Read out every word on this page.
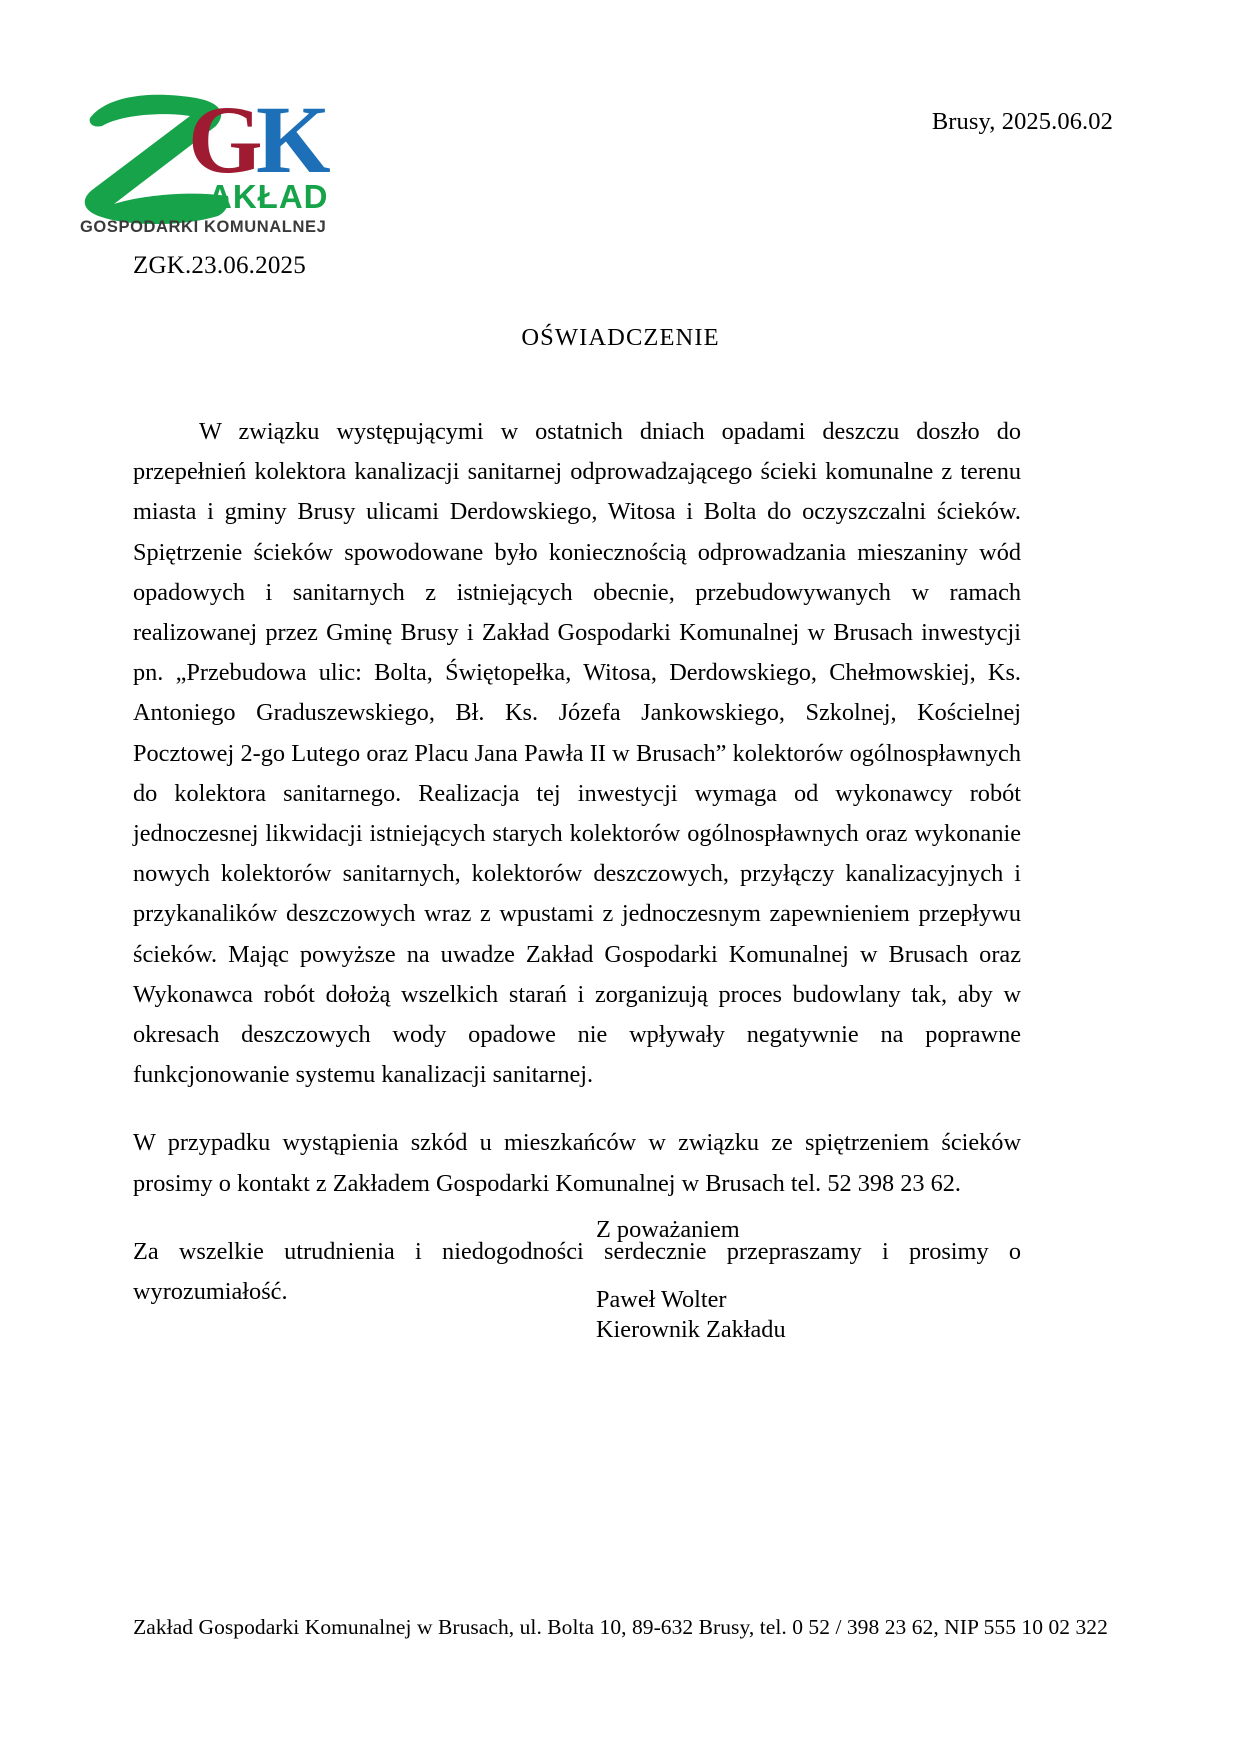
G
K
AKŁAD
GOSPODARKI KOMUNALNEJ
Brusy, 2025.06.02
ZGK.23.06.2025
OŚWIADCZENIE

W związku występującymi w ostatnich dniach opadami deszczu doszło do przepełnień kolektora kanalizacji sanitarnej odprowadzającego ścieki komunalne z terenu miasta i gminy Brusy ulicami Derdowskiego, Witosa i Bolta do oczyszczalni ścieków. Spiętrzenie ścieków spowodowane było koniecznością odprowadzania mieszaniny wód opadowych i sanitarnych z istniejących obecnie, przebudowywanych w ramach realizowanej przez Gminę Brusy i Zakład Gospodarki Komunalnej w Brusach inwestycji pn. „Przebudowa ulic: Bolta, Świętopełka, Witosa, Derdowskiego, Chełmowskiej, Ks. Antoniego Graduszewskiego, Bł. Ks. Józefa Jankowskiego, Szkolnej, Kościelnej Pocztowej 2-go Lutego oraz Placu Jana Pawła II w Brusach” kolektorów ogólnospławnych do kolektora sanitarnego. Realizacja tej inwestycji wymaga od wykonawcy robót jednoczesnej likwidacji istniejących starych kolektorów ogólnospławnych oraz wykonanie nowych kolektorów sanitarnych, kolektorów deszczowych, przyłączy kanalizacyjnych i przykanalików deszczowych wraz z wpustami z jednoczesnym zapewnieniem przepływu ścieków. Mając powyższe na uwadze Zakład Gospodarki Komunalnej w Brusach oraz Wykonawca robót dołożą wszelkich starań i zorganizują proces budowlany tak, aby w okresach deszczowych wody opadowe nie wpływały negatywnie na poprawne funkcjonowanie systemu kanalizacji sanitarnej.

W przypadku wystąpienia szkód u mieszkańców w związku ze spiętrzeniem ścieków prosimy o kontakt z Zakładem Gospodarki Komunalnej w Brusach tel. 52 398 23 62.

Za wszelkie utrudnienia i niedogodności serdecznie przepraszamy i prosimy o wyrozumiałość.

Z poważaniem
Paweł Wolter
Kierownik Zakładu
Zakład Gospodarki Komunalnej w Brusach, ul. Bolta 10, 89-632 Brusy, tel. 0 52 / 398 23 62, NIP 555 10 02 322
